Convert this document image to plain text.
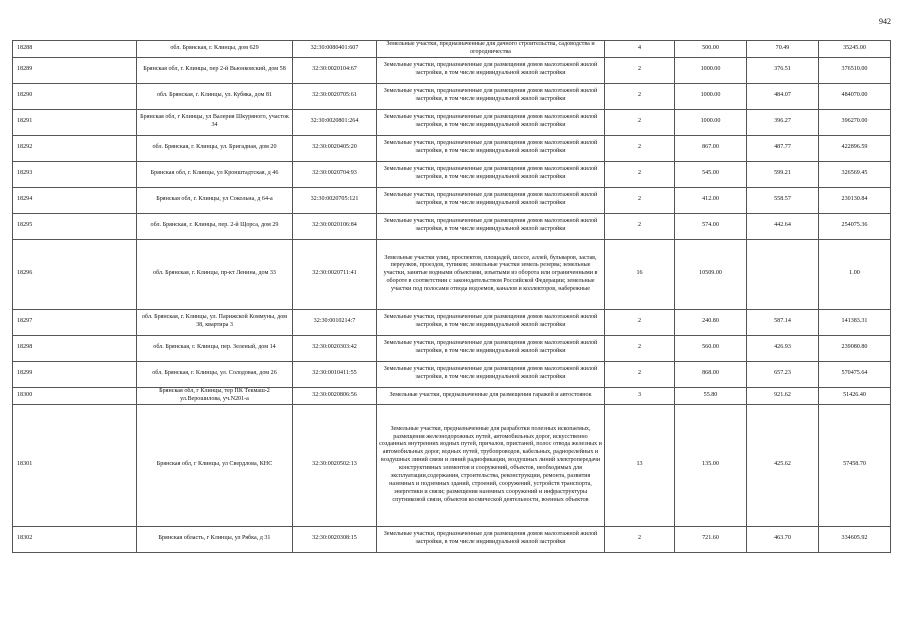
942
18288	обл. Брянская, г. Клинцы, дом 629	32:30:0080401:607	Земельные участки, предназначенные для дачного строительства, садоводства и огородничества	4	500.00	70.49	35245.00
18289	Брянская обл, г. Клинцы, пер 2-й Вьюнковский, дом 58	32:30:0020104:67	Земельные участки, предназначенные для размещения домов малоэтажной жилой застройки, в том числе индивидуальной жилой застройки	2	1000.00	376.51	376510.00
18290	обл. Брянская, г. Клинцы, ул. Кубяка, дом 81	32:30:0020705:61	Земельные участки, предназначенные для размещения домов малоэтажной жилой застройки, в том числе индивидуальной жилой застройки	2	1000.00	484.07	484070.00
18291	Брянская обл, г Клинцы, ул Валерия Шкуряного, участок 34	32:30:0020801:264	Земельные участки, предназначенные для размещения домов малоэтажной жилой застройки, в том числе индивидуальной жилой застройки	2	1000.00	396.27	396270.00
18292	обл. Брянская, г. Клинцы, ул. Бригадная, дом 20	32:30:0020405:20	Земельные участки, предназначенные для размещения домов малоэтажной жилой застройки, в том числе индивидуальной жилой застройки	2	867.00	487.77	422896.59
18293	Брянская обл, г. Клинцы, ул Кронштадтская, д 46	32:30:0020704:93	Земельные участки, предназначенные для размещения домов малоэтажной жилой застройки, в том числе индивидуальной жилой застройки	2	545.00	599.21	326569.45
18294	Брянская обл, г. Клинцы, ул Сокольна, д 64-а	32:30:0020705:121	Земельные участки, предназначенные для размещения домов малоэтажной жилой застройки, в том числе индивидуальной жилой застройки	2	412.00	558.57	230130.84
18295	обл. Брянская, г. Клинцы, пер. 2-й Щорса, дом 29	32:30:0020106:84	Земельные участки, предназначенные для размещения домов малоэтажной жилой застройки, в том числе индивидуальной жилой застройки	2	574.00	442.64	254075.36
18296	обл. Брянская, г. Клинцы, пр-кт Ленина, дом 33	32:30:0020711:41	Земельные участки улиц, проспектов, площадей, шоссе, аллей, бульваров, застав, переулков, проездов, тупиков; земельные участки земель резерва; земельные участки, занятые водными объектами, изъятыми из оборота или ограниченными в обороте в соответствии с законодательством Российской Федерации; земельные участки под полосами отвода водоемов, каналов и коллекторов, набережные	16	10509.00		1.00
18297	обл. Брянская, г. Клинцы, ул. Парижской Коммуны, дом 38, квартира 3	32:30:0010214:7	Земельные участки, предназначенные для размещения домов малоэтажной жилой застройки, в том числе индивидуальной жилой застройки	2	240.80	587.14	141383.31
18298	обл. Брянская, г. Клинцы, пер. Зеленый, дом 14	32:30:0020303:42	Земельные участки, предназначенные для размещения домов малоэтажной жилой застройки, в том числе индивидуальной жилой застройки	2	560.00	426.93	239080.80
18299	обл. Брянская, г. Клинцы, ул. Солодовая, дом 26	32:30:0010411:55	Земельные участки, предназначенные для размещения домов малоэтажной жилой застройки, в том числе индивидуальной жилой застройки	2	868.00	657.23	570475.64
18300	Брянская обл, г Клинцы, тер ПК Текмаш-2 ул.Верошилова, уч.N201-а	32:30:0020806:56	Земельные участки, предназначенные для размещения гаражей и автостоянок	3	55.80	921.62	51426.40
18301	Брянская обл, г Клинцы, ул Свердлова, КНС	32:30:0020502:13	Земельные участки, предназначенные для разработки полезных ископаемых, размещения железнодорожных путей, автомобильных дорог, искусственно созданных внутренних водных путей, причалов, пристаней, полос отвода железных и автомобильных дорог, водных путей, трубопроводов, кабельных, радиорелейных и воздушных линий связи и линий радиофикации, воздушных линий электропередачи конструктивных элементов и сооружений, объектов, необходимых для эксплуатации,содержания, строительства, реконструкции, ремонта, развития наземных и подземных зданий, строений, сооружений, устройств транспорта, энергетики и связи; размещения наземных сооружений и инфраструктуры спутниковой связи, объектов космической деятельности, военных объектов	13	135.00	425.62	57458.70
18302	Брянская область, г Клинцы, ул Рябка, д 31	32:30:0020308:15	Земельные участки, предназначенные для размещения домов малоэтажной жилой застройки, в том числе индивидуальной жилой застройки	2	721.60	463.70	334605.92
